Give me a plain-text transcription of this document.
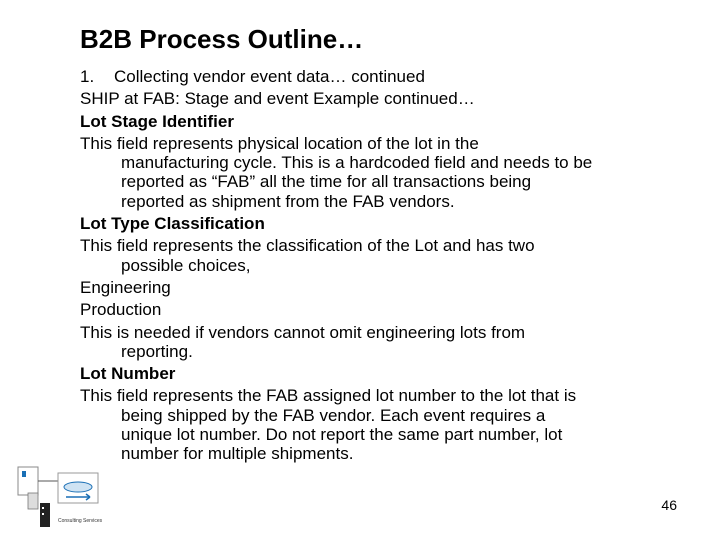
B2B Process Outline…
1. Collecting vendor event data… continued
SHIP at FAB: Stage and event Example continued…
Lot Stage Identifier
This field represents physical location of the lot in the
manufacturing cycle. This is a hardcoded field and needs to be
reported as “FAB” all the time for all transactions being
reported as shipment from the FAB vendors.
Lot Type Classification
This field represents the classification of the Lot and has two
possible choices,
Engineering
Production
This is needed if vendors cannot omit engineering lots from
reporting.
Lot Number
This field represents the FAB assigned lot number to the lot that is
being shipped by the FAB vendor. Each event requires a
unique lot number. Do not report the same part number, lot
number for multiple shipments.
Consulting Services
46
